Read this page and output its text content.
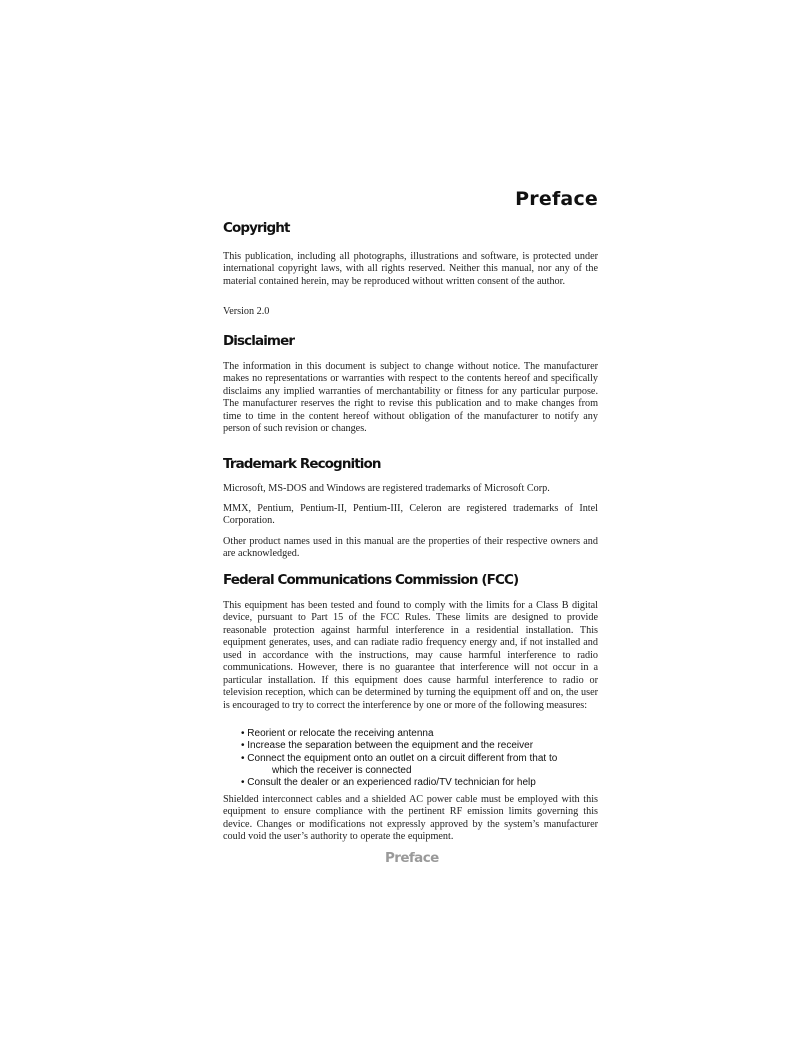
Preface
Copyright
This publication, including all photographs, illustrations and software, is protected under international copyright laws, with all rights reserved. Neither this manual, nor any of the material contained herein, may be reproduced without written consent of the author.
Version 2.0
Disclaimer
The information in this document is subject to change without notice. The manufacturer makes no representations or warranties with respect to the contents hereof and specifically disclaims any implied warranties of merchantability or fitness for any particular purpose. The manufacturer reserves the right to revise this publication and to make changes from time to time in the content hereof without obligation of the manufacturer to notify any person of such revision or changes.
Trademark Recognition
Microsoft, MS-DOS and Windows are registered trademarks of Microsoft Corp.
MMX, Pentium, Pentium-II, Pentium-III, Celeron are registered trademarks of Intel Corporation.
Other product names used in this manual are the properties of their respective owners and are acknowledged.
Federal Communications Commission (FCC)
This equipment has been tested and found to comply with the limits for a Class B digital device, pursuant to Part 15 of the FCC Rules. These limits are designed to provide reasonable protection against harmful interference in a residential installation. This equipment generates, uses, and can radiate radio frequency energy and, if not installed and used in accordance with the instructions, may cause harmful interference to radio communications. However, there is no guarantee that interference will not occur in a particular installation. If this equipment does cause harmful interference to radio or television reception, which can be determined by turning the equipment off and on, the user is encouraged to try to correct the interference by one or more of the following measures:
• Reorient or relocate the receiving antenna
• Increase the separation between the equipment and the receiver
• Connect the equipment onto an outlet on a circuit different from that to
which the receiver is connected
• Consult the dealer or an experienced radio/TV technician for help
Shielded interconnect cables and a shielded AC power cable must be employed with this equipment to ensure compliance with the pertinent RF emission limits governing this device. Changes or modifications not expressly approved by the system’s manufacturer could void the user’s authority to operate the equipment.
Preface
